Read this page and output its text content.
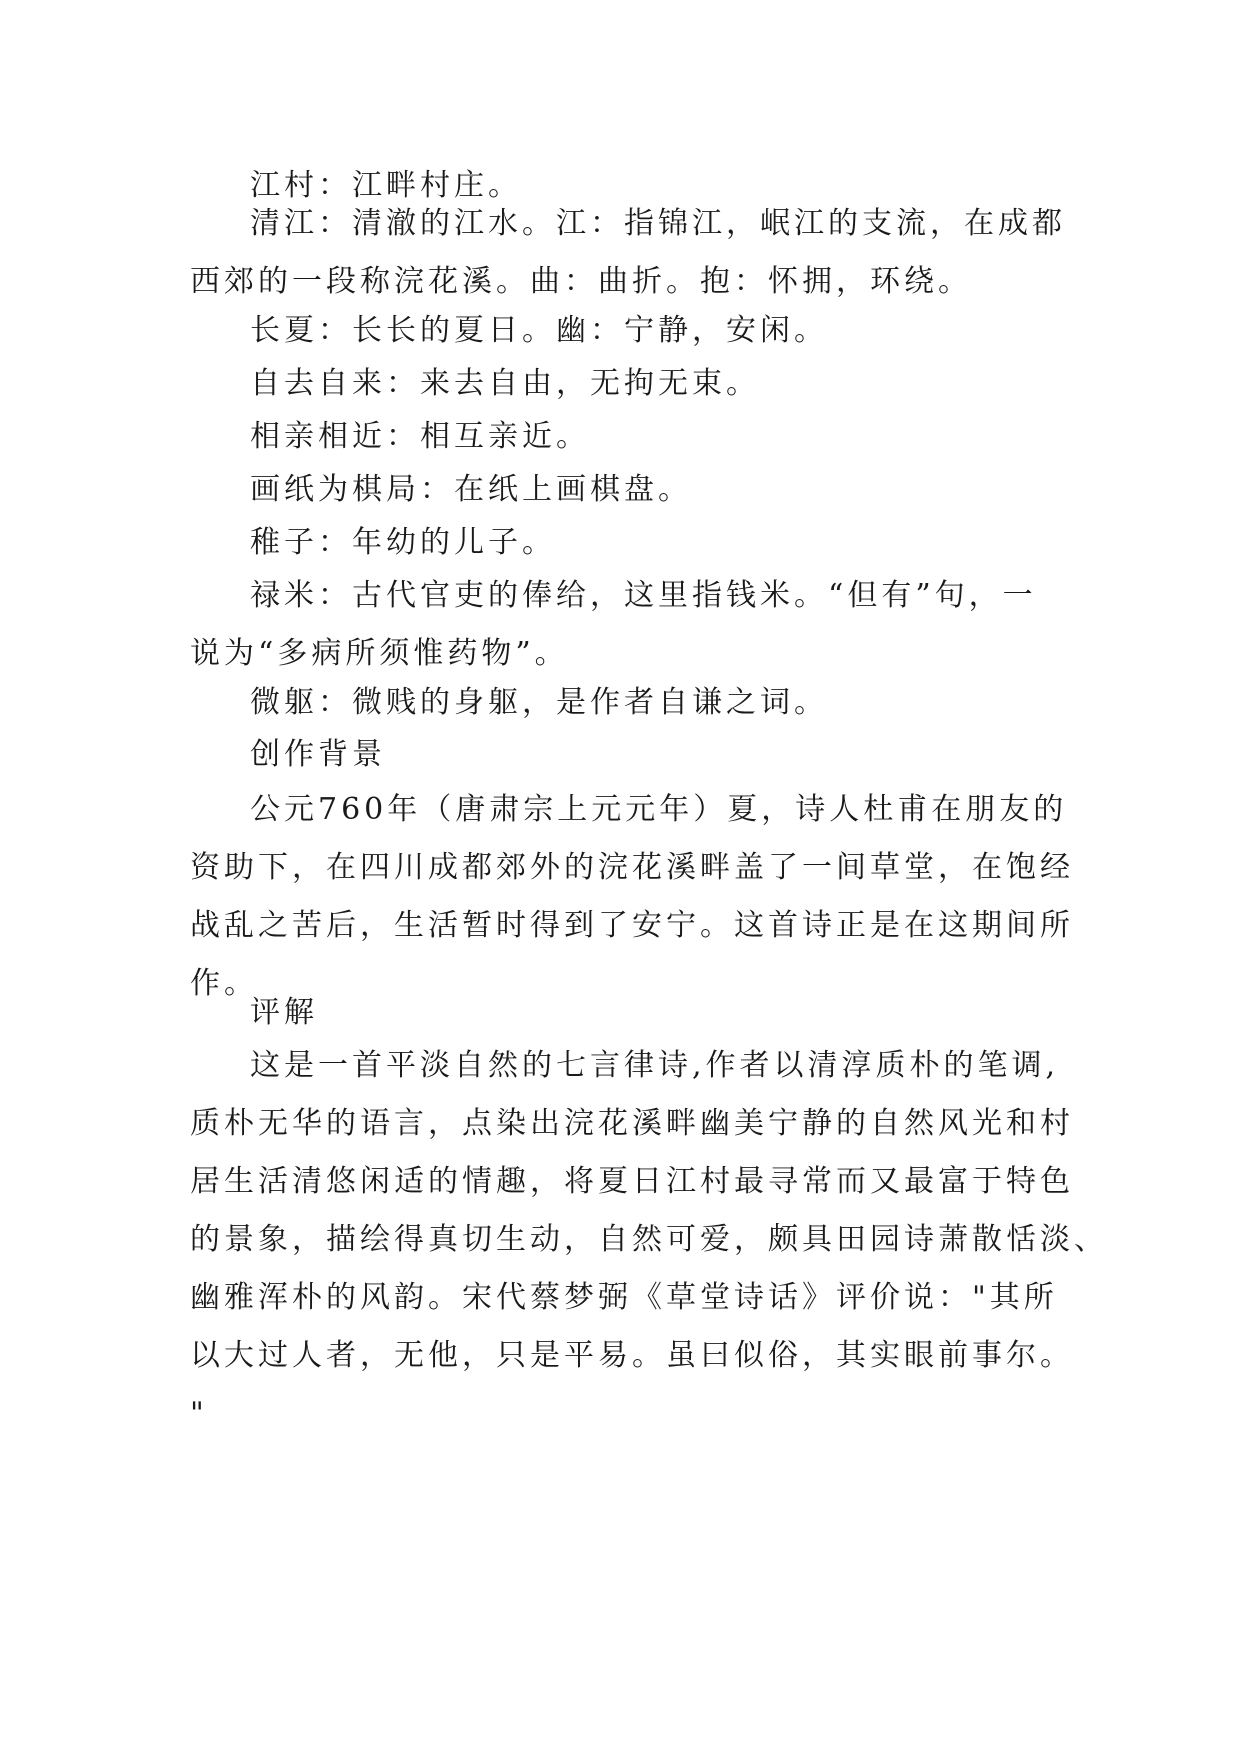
江村：江畔村庄。

清江：清澈的江水。江：指锦江，岷江的支流，在成都
西郊的一段称浣花溪。曲：曲折。抱：怀拥，环绕。

长夏：长长的夏日。幽：宁静，安闲。

自去自来：来去自由，无拘无束。

相亲相近：相互亲近。

画纸为棋局：在纸上画棋盘。

稚子：年幼的儿子。

禄米：古代官吏的俸给，这里指钱米。“但有”句，一
说为“多病所须惟药物”。

微躯：微贱的身躯，是作者自谦之词。

创作背景

公元760年（唐肃宗上元元年）夏，诗人杜甫在朋友的
资助下，在四川成都郊外的浣花溪畔盖了一间草堂，在饱经
战乱之苦后，生活暂时得到了安宁。这首诗正是在这期间所
作。

评解

这是一首平淡自然的七言律诗,作者以清淳质朴的笔调,
质朴无华的语言，点染出浣花溪畔幽美宁静的自然风光和村
居生活清悠闲适的情趣，将夏日江村最寻常而又最富于特色
的景象，描绘得真切生动，自然可爱，颇具田园诗萧散恬淡、
幽雅浑朴的风韵。宋代蔡梦弼《草堂诗话》评价说："其所
以大过人者，无他，只是平易。虽曰似俗，其实眼前事尔。
"
